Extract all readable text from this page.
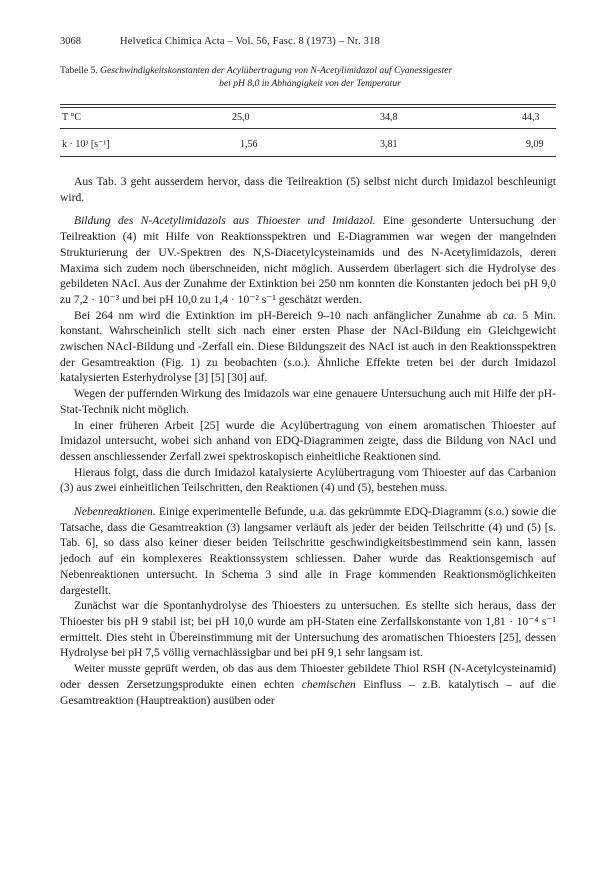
3068	Helvetica Chimica Acta – Vol. 56, Fasc. 8 (1973) – Nr. 318
Tabelle 5. Geschwindigkeitskonstanten der Acylübertragung von N-Acetylimidazol auf Cyanessigester
bei pH 8,0 in Abhängigkeit von der Temperatur
T °C	25,0	34,8	44,3
k · 10³ [s⁻¹]	1,56	3,81	9,09

Aus Tab. 3 geht ausserdem hervor, dass die Teilreaktion (5) selbst nicht durch Imidazol beschleunigt wird.

Bildung des N-Acetylimidazols aus Thioester und Imidazol. Eine gesonderte Untersuchung der Teilreaktion (4) mit Hilfe von Reaktionsspektren und E-Diagrammen war wegen der mangelnden Strukturierung der UV.-Spektren des N,S-Diacetylcysteinamids und des N-Acetylimidazols, deren Maxima sich zudem noch überschneiden, nicht möglich. Ausserdem überlagert sich die Hydrolyse des gebildeten NAcI. Aus der Zunahme der Extinktion bei 250 nm konnten die Konstanten jedoch bei pH 9,0 zu 7,2 · 10⁻³ und bei pH 10,0 zu 1,4 · 10⁻² s⁻¹ geschätzt werden.

Bei 264 nm wird die Extinktion im pH-Bereich 9–10 nach anfänglicher Zunahme ab ca. 5 Min. konstant. Wahrscheinlich stellt sich nach einer ersten Phase der NAcI-Bildung ein Gleichgewicht zwischen NAcI-Bildung und -Zerfall ein. Diese Bildungszeit des NAcI ist auch in den Reaktionsspektren der Gesamtreaktion (Fig. 1) zu beobachten (s.o.). Ähnliche Effekte treten bei der durch Imidazol katalysierten Esterhydrolyse [3] [5] [30] auf.

Wegen der puffernden Wirkung des Imidazols war eine genauere Untersuchung auch mit Hilfe der pH-Stat-Technik nicht möglich.

In einer früheren Arbeit [25] wurde die Acylübertragung von einem aromatischen Thioester auf Imidazol untersucht, wobei sich anhand von EDQ-Diagrammen zeigte, dass die Bildung von NAcI und dessen anschliessender Zerfall zwei spektroskopisch einheitliche Reaktionen sind.

Hieraus folgt, dass die durch Imidazol katalysierte Acylübertragung vom Thioester auf das Carbanion (3) aus zwei einheitlichen Teilschritten, den Reaktionen (4) und (5), bestehen muss.

Nebenreaktionen. Einige experimentelle Befunde, u.a. das gekrümmte EDQ-Diagramm (s.o.) sowie die Tatsache, dass die Gesamtreaktion (3) langsamer verläuft als jeder der beiden Teilschritte (4) und (5) [s. Tab. 6], so dass also keiner dieser beiden Teilschritte geschwindigkeitsbestimmend sein kann, lassen jedoch auf ein komplexeres Reaktionssystem schliessen. Daher wurde das Reaktionsgemisch auf Nebenreaktionen untersucht. In Schema 3 sind alle in Frage kommenden Reaktionsmöglichkeiten dargestellt.

Zunächst war die Spontanhydrolyse des Thioesters zu untersuchen. Es stellte sich heraus, dass der Thioester bis pH 9 stabil ist; bei pH 10,0 wurde am pH-Staten eine Zerfallskonstante von 1,81 · 10⁻⁴ s⁻¹ ermittelt. Dies steht in Übereinstimmung mit der Untersuchung des aromatischen Thioesters [25], dessen Hydrolyse bei pH 7,5 völlig vernachlässigbar und bei pH 9,1 sehr langsam ist.

Weiter musste geprüft werden, ob das aus dem Thioester gebildete Thiol RSH (N-Acetylcysteinamid) oder dessen Zersetzungsprodukte einen echten chemischen Einfluss – z.B. katalytisch – auf die Gesamtreaktion (Hauptreaktion) ausüben oder
